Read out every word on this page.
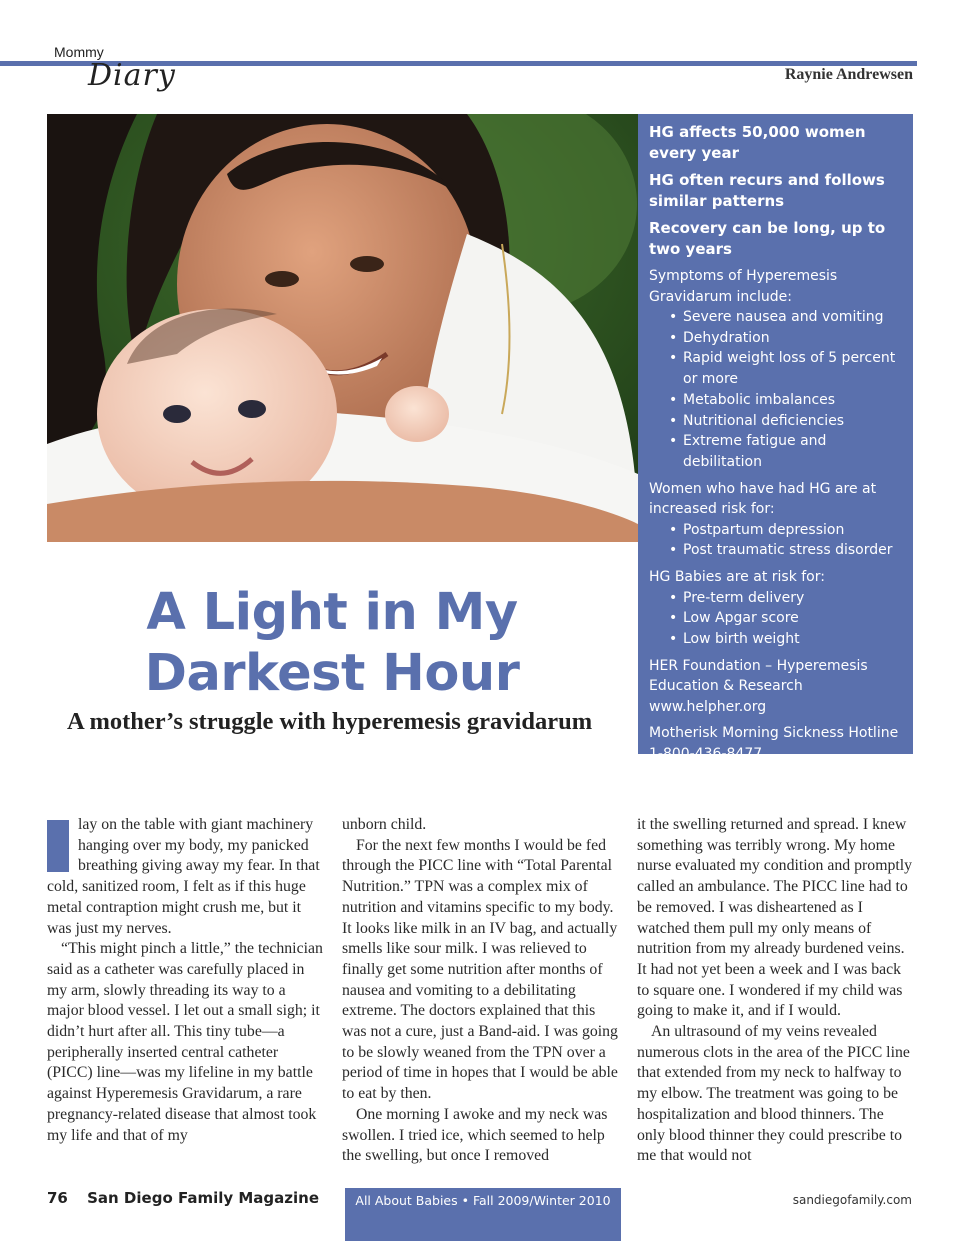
Mommy
Diary	Raynie Andrewsen
HG affects 50,000 women every year
HG often recurs and follows similar patterns
Recovery can be long, up to two years
Symptoms of Hyperemesis Gravidarum include:
• Severe nausea and vomiting
• Dehydration
• Rapid weight loss of 5 percent or more
• Metabolic imbalances
• Nutritional deficiencies
• Extreme fatigue and debilitation
Women who have had HG are at increased risk for:
• Postpartum depression
• Post traumatic stress disorder
HG Babies are at risk for:
• Pre-term delivery
• Low Apgar score
• Low birth weight
HER Foundation – Hyperemesis Education & Research
www.helpher.org
Motherisk Morning Sickness Hotline
1-800-436-8477
A Light in My
Darkest Hour
A mother’s struggle with hyperemesis gravidarum

lay on the table with giant machinery hanging over my body, my panicked breathing giving away my fear. In that cold, sanitized room, I felt as if this huge metal contraption might crush me, but it was just my nerves.

“This might pinch a little,” the technician said as a catheter was carefully placed in my arm, slowly threading its way to a major blood vessel. I let out a small sigh; it didn’t hurt after all. This tiny tube—a peripherally inserted central catheter (PICC) line—was my lifeline in my battle against Hyperemesis Gravidarum, a rare pregnancy-related disease that almost took my life and that of my

unborn child.

For the next few months I would be fed through the PICC line with “Total Parental Nutrition.” TPN was a complex mix of nutrition and vitamins specific to my body. It looks like milk in an IV bag, and actually smells like sour milk. I was relieved to finally get some nutrition after months of nausea and vomiting to a debilitating extreme. The doctors explained that this was not a cure, just a Band-aid. I was going to be slowly weaned from the TPN over a period of time in hopes that I would be able to eat by then.

One morning I awoke and my neck was swollen. I tried ice, which seemed to help the swelling, but once I removed

it the swelling returned and spread. I knew something was terribly wrong. My home nurse evaluated my condition and promptly called an ambulance. The PICC line had to be removed. I was disheartened as I watched them pull my only means of nutrition from my already burdened veins. It had not yet been a week and I was back to square one. I wondered if my child was going to make it, and if I would.

An ultrasound of my veins revealed numerous clots in the area of the PICC line that extended from my neck to halfway to my elbow. The treatment was going to be hospitalization and blood thinners. The only blood thinner they could prescribe to me that would not

76 San Diego Family Magazine	All About Babies • Fall 2009/Winter 2010	sandiegofamily.com
